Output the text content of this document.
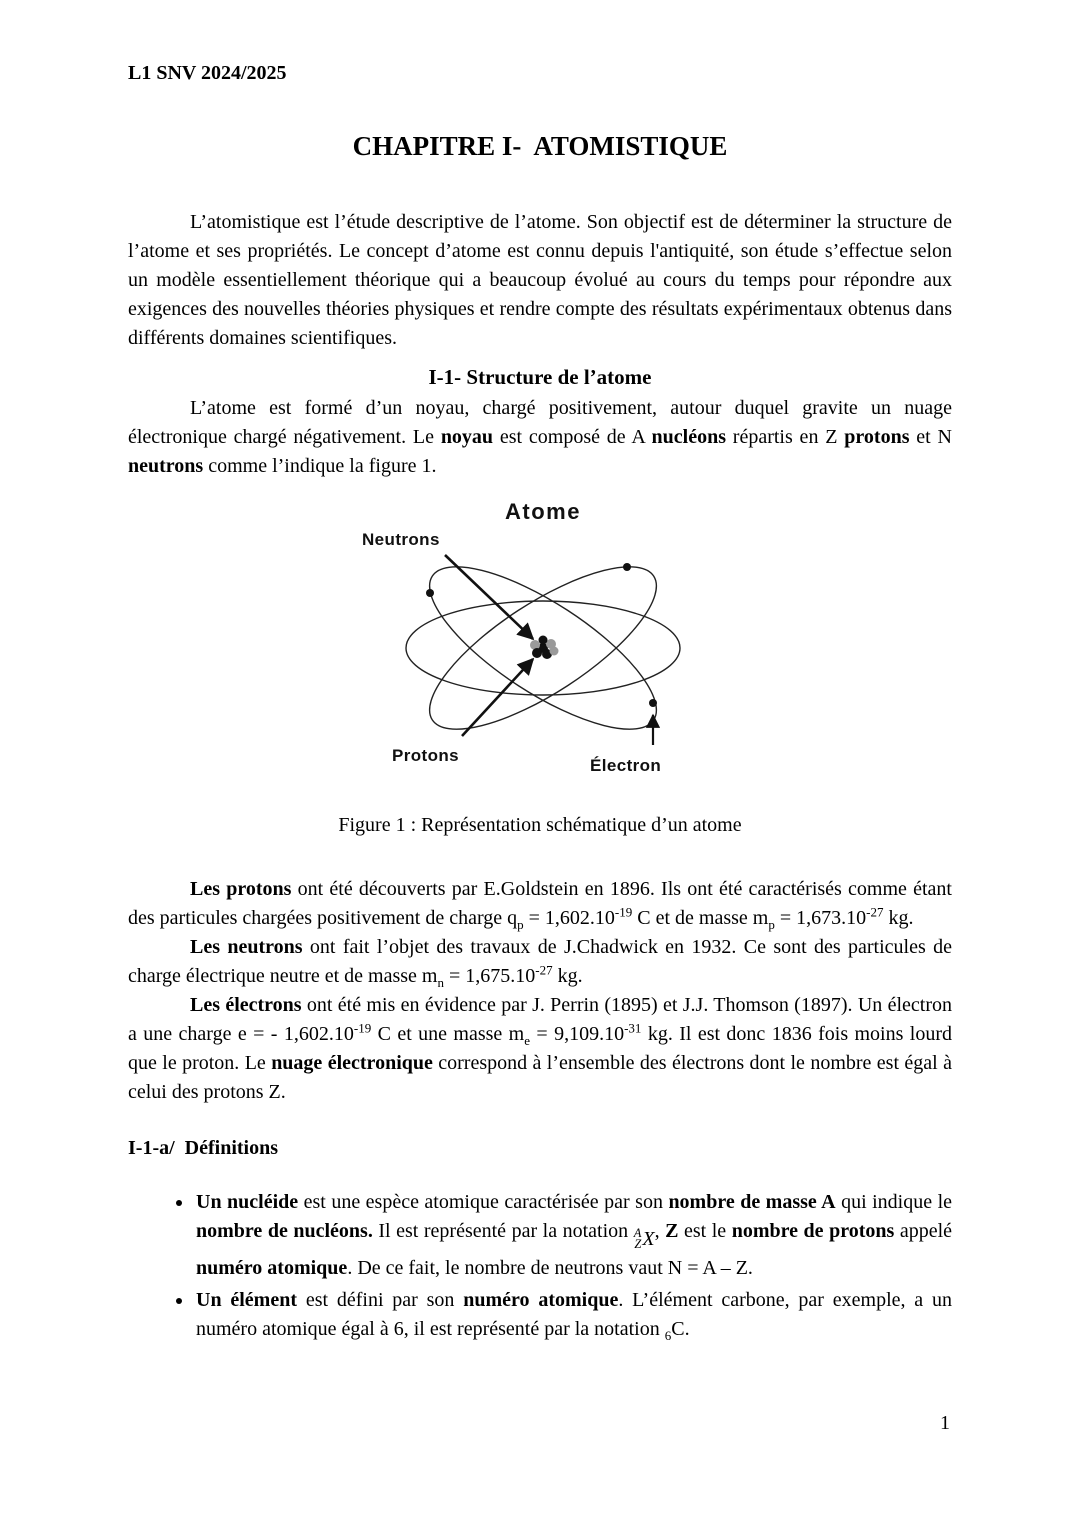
L1 SNV 2024/2025
CHAPITRE I-  ATOMISTIQUE

L’atomistique est l’étude descriptive de l’atome. Son objectif est de déterminer la structure de l’atome et ses propriétés. Le concept d’atome est connu depuis l'antiquité, son étude s’effectue selon un modèle essentiellement théorique qui a beaucoup évolué au cours du temps pour répondre aux exigences des nouvelles théories physiques et rendre compte des résultats expérimentaux obtenus dans différents domaines scientifiques.

I-1- Structure de l’atome

L’atome est formé d’un noyau, chargé positivement, autour duquel gravite un nuage électronique chargé négativement. Le noyau est composé de A nucléons répartis en Z protons et N neutrons comme l’indique la figure 1.

Atome
Neutrons
Protons
Électron
Figure 1 : Représentation schématique d’un atome

Les protons ont été découverts par E.Goldstein en 1896. Ils ont été caractérisés comme étant des particules chargées positivement de charge $q_p = 1,602.10^{-19}$ C et de masse $m_p = 1,673.10^{-27}$ kg.

Les neutrons ont fait l’objet des travaux de J.Chadwick en 1932. Ce sont des particules de charge électrique neutre et de masse $m_n = 1,675.10^{-27}$ kg.

Les électrons ont été mis en évidence par J. Perrin (1895) et J.J. Thomson (1897). Un électron a une charge e = - $1,602.10^{-19}$ C et une masse $m_e = 9,109.10^{-31}$ kg. Il est donc 1836 fois moins lourd que le proton. Le nuage électronique correspond à l’ensemble des électrons dont le nombre est égal à celui des protons Z.

I-1-a/  Définitions
• Un nucléide est une espèce atomique caractérisée par son nombre de masse A qui indique le nombre de nucléons. Il est représenté par la notation A
Z X , Z est le nombre de protons appelé numéro atomique. De ce fait, le nombre de neutrons vaut N = A – Z.
• Un élément est défini par son numéro atomique. L’élément carbone, par exemple, a un numéro atomique égal à 6, il est représenté par la notation $_6$C.
1
